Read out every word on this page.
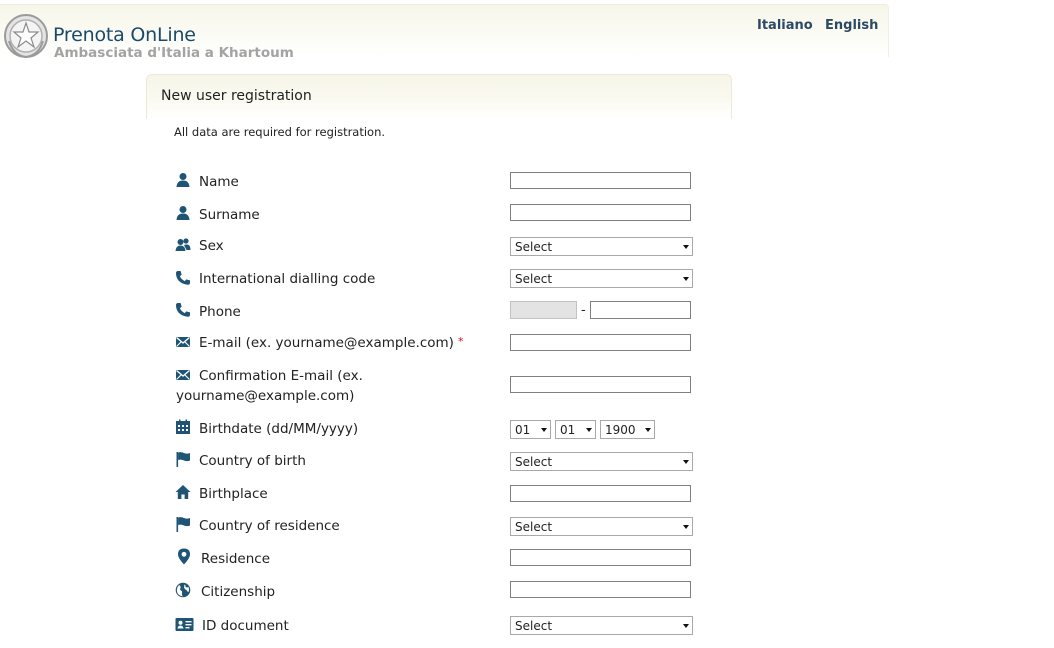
Prenota OnLine
Ambasciata d'Italia a Khartoum
Italiano English
New user registration
All data are required for registration.
Name
Surname
Sex	Select
International dialling code	Select
Phone	-
E-mail (ex. yourname@example.com) *
Confirmation E-mail (ex.
yourname@example.com)
Birthdate (dd/MM/yyyy)	01	01	1900
Country of birth	Select
Birthplace
Country of residence	Select
Residence
Citizenship
ID document	Select
